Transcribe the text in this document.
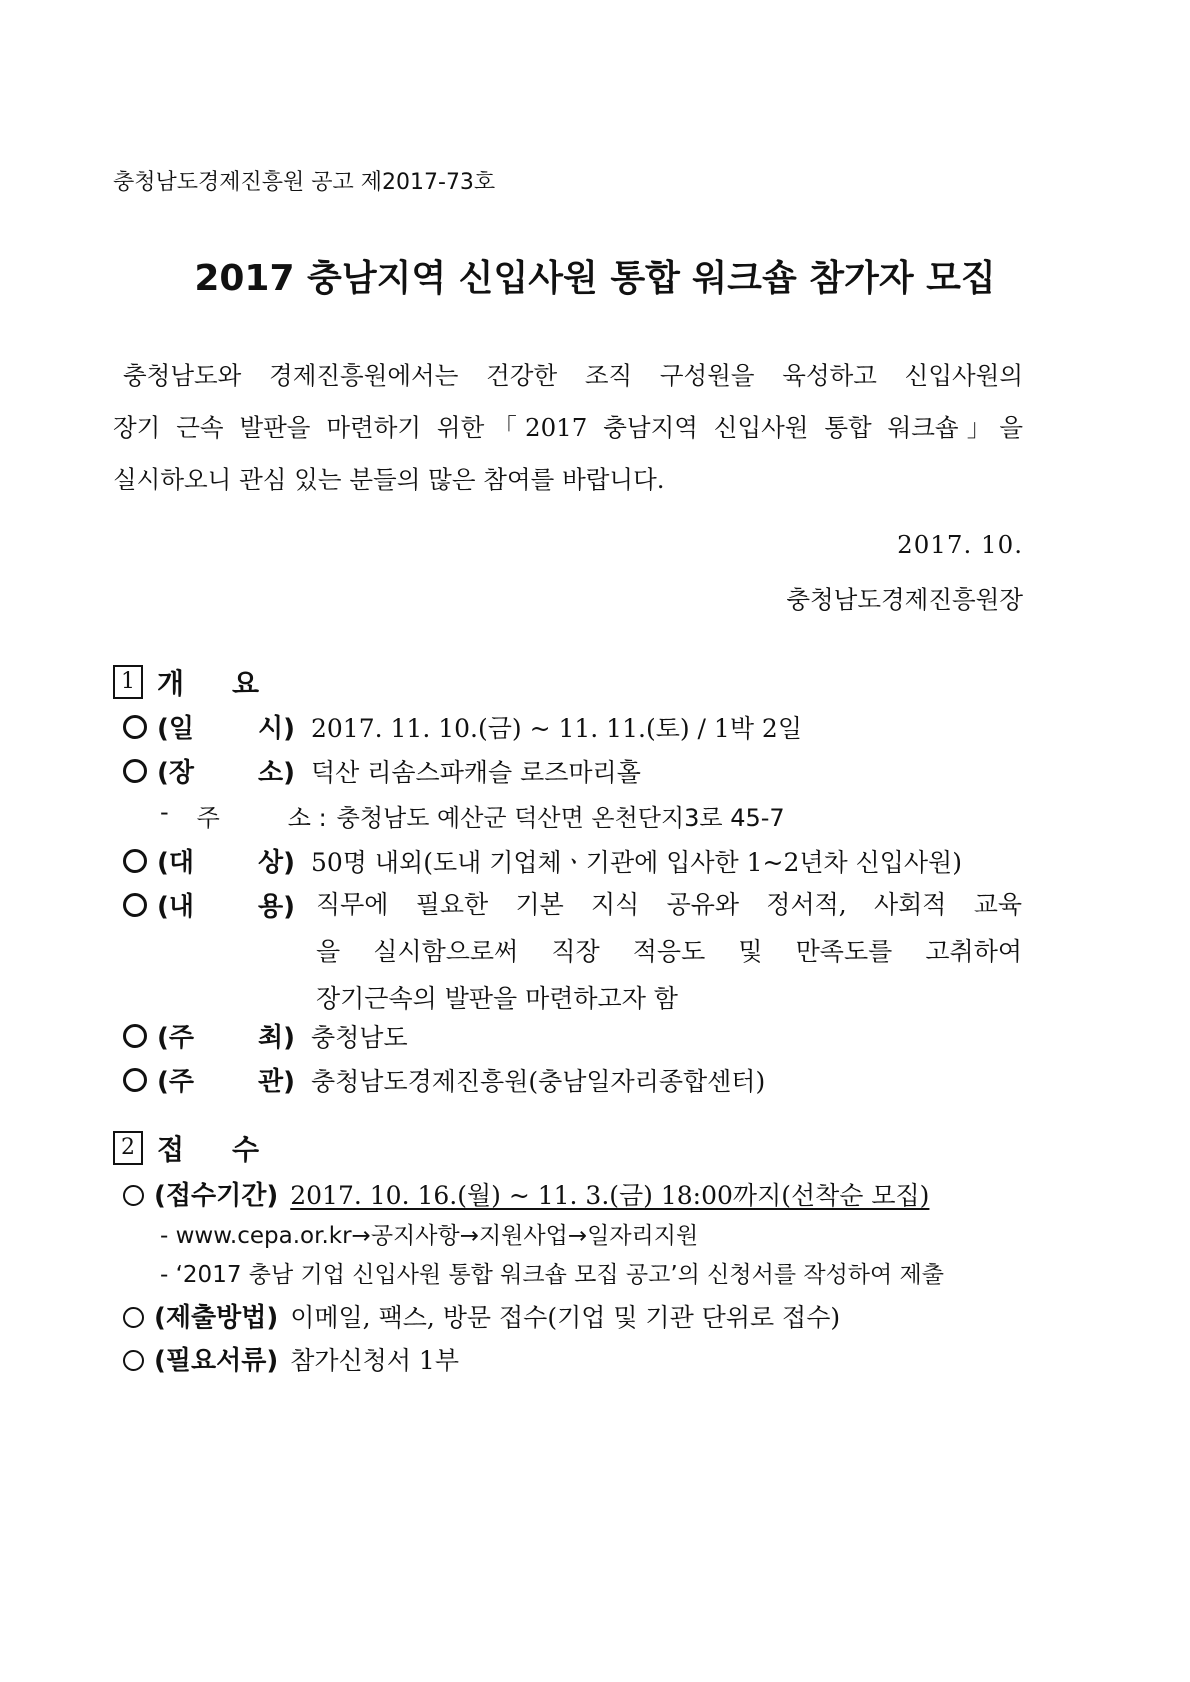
충청남도경제진흥원 공고 제2017-73호
2017 충남지역 신입사원 통합 워크숍 참가자 모집
충청남도와 경제진흥원에서는 건강한 조직 구성원을 육성하고 신입사원의
장기 근속 발판을 마련하기 위한「2017 충남지역 신입사원 통합 워크숍」을
실시하오니 관심 있는 분들의 많은 참여를 바랍니다.
2017. 10.
충청남도경제진흥원장
1 개요
(일 시) 2017. 11. 10.(금) ~ 11. 11.(토) / 1박 2일
(장 소) 덕산 리솜스파캐슬 로즈마리홀
- 주	소 : 충청남도 예산군 덕산면 온천단지3로 45-7
(대 상) 50명 내외(도내 기업체ㆍ기관에 입사한 1~2년차 신입사원)
(내 용) 직무에 필요한 기본 지식 공유와 정서적, 사회적 교육
을 실시함으로써 직장 적응도 및 만족도를 고취하여
장기근속의 발판을 마련하고자 함
(주 최) 충청남도
(주 관) 충청남도경제진흥원(충남일자리종합센터)
2 접수
(접수기간) 2017. 10. 16.(월) ~ 11. 3.(금) 18:00까지(선착순 모집)
- www.cepa.or.kr→공지사항→지원사업→일자리지원
- ‘2017 충남 기업 신입사원 통합 워크숍 모집 공고’의 신청서를 작성하여 제출
(제출방법) 이메일, 팩스, 방문 접수(기업 및 기관 단위로 접수)
(필요서류) 참가신청서 1부
